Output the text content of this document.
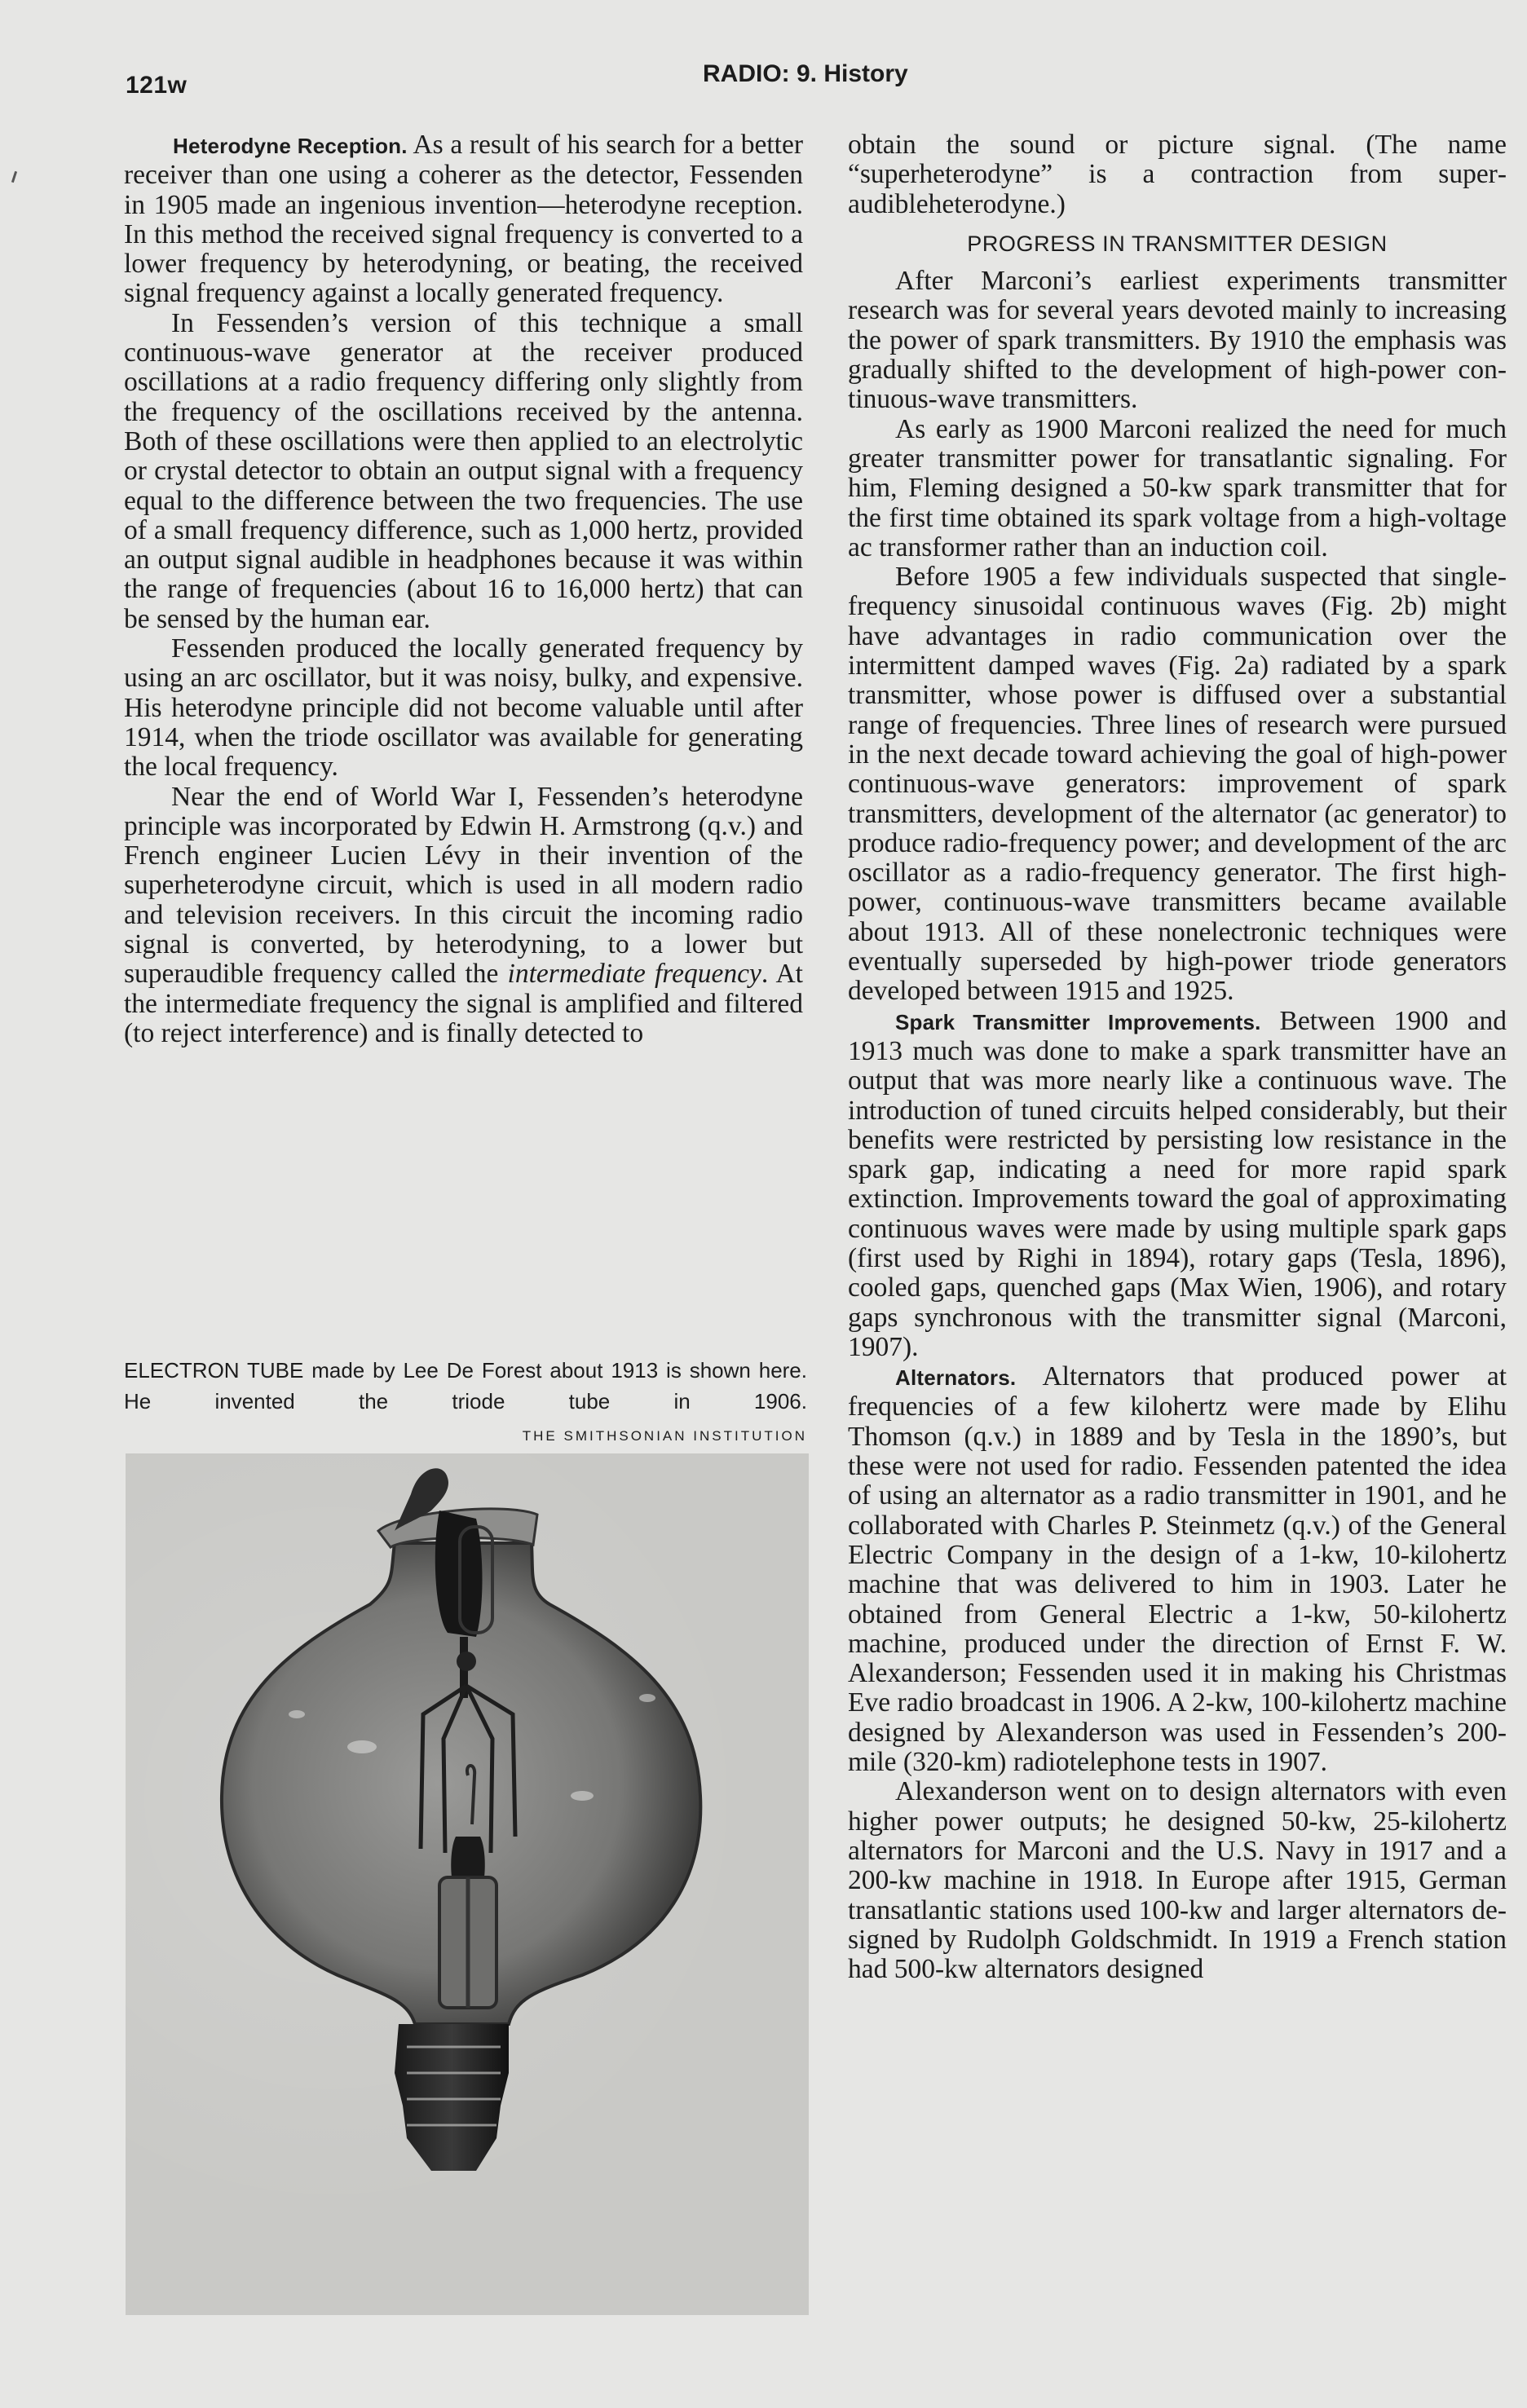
121w	RADIO: 9. History

Heterodyne Reception. As a result of his search for a better receiver than one using a coherer as the detector, Fessenden in 1905 made an ingenious invention—heterodyne reception. In this method the received signal frequency is converted to a lower frequency by heterodyning, or beating, the received signal frequency against a locally generated frequency.

In Fessenden’s version of this technique a small continuous-wave generator at the receiver produced oscillations at a radio frequency differing only slightly from the frequency of the oscillations received by the antenna. Both of these oscillations were then applied to an electrolytic or crystal detector to obtain an output signal with a frequency equal to the difference between the two frequencies. The use of a small frequency difference, such as 1,000 hertz, provided an output signal audible in headphones because it was within the range of frequencies (about 16 to 16,000 hertz) that can be sensed by the human ear.

Fessenden produced the locally generated frequency by using an arc oscillator, but it was noisy, bulky, and expensive. His heterodyne principle did not become valuable until after 1914, when the triode oscillator was available for generating the local frequency.

Near the end of World War I, Fessenden’s heterodyne principle was incorporated by Edwin H. Armstrong (q.v.) and French engineer Lucien Lévy in their invention of the superheterodyne circuit, which is used in all modern radio and television receivers. In this circuit the incoming radio signal is converted, by heterodyning, to a lower but superaudible frequency called the intermediate frequency. At the intermediate frequency the signal is amplified and filtered (to reject interference) and is finally detected to

ELECTRON TUBE made by Lee De Forest about 1913 is shown here. He invented the triode tube in 1906.
THE SMITHSONIAN INSTITUTION

obtain the sound or picture signal. (The name “superheterodyne” is a contraction from superaudibleheterodyne.)

PROGRESS IN TRANSMITTER DESIGN

After Marconi’s earliest experiments transmitter research was for several years devoted mainly to increasing the power of spark transmitters. By 1910 the emphasis was gradually shifted to the development of high-power continuous-wave transmitters.

As early as 1900 Marconi realized the need for much greater transmitter power for transatlantic signaling. For him, Fleming designed a 50-kw spark transmitter that for the first time obtained its spark voltage from a high-voltage ac transformer rather than an induction coil.

Before 1905 a few individuals suspected that single-frequency sinusoidal continuous waves (Fig. 2b) might have advantages in radio communication over the intermittent damped waves (Fig. 2a) radiated by a spark transmitter, whose power is diffused over a substantial range of frequencies. Three lines of research were pursued in the next decade toward achieving the goal of high-power continuous-wave generators: improvement of spark transmitters, development of the alternator (ac generator) to produce radio-frequency power; and development of the arc oscillator as a radio-frequency generator. The first high-power, continuous-wave transmitters became available about 1913. All of these nonelectronic techniques were eventually superseded by high-power triode generators developed between 1915 and 1925.

Spark Transmitter Improvements. Between 1900 and 1913 much was done to make a spark transmitter have an output that was more nearly like a continuous wave. The introduction of tuned circuits helped considerably, but their benefits were restricted by persisting low resistance in the spark gap, indicating a need for more rapid spark extinction. Improvements toward the goal of approximating continuous waves were made by using multiple spark gaps (first used by Righi in 1894), rotary gaps (Tesla, 1896), cooled gaps, quenched gaps (Max Wien, 1906), and rotary gaps synchronous with the transmitter signal (Marconi, 1907).

Alternators. Alternators that produced power at frequencies of a few kilohertz were made by Elihu Thomson (q.v.) in 1889 and by Tesla in the 1890’s, but these were not used for radio. Fessenden patented the idea of using an alternator as a radio transmitter in 1901, and he collaborated with Charles P. Steinmetz (q.v.) of the General Electric Company in the design of a 1-kw, 10-kilohertz machine that was delivered to him in 1903. Later he obtained from General Electric a 1-kw, 50-kilohertz machine, produced under the direction of Ernst F. W. Alexanderson; Fessenden used it in making his Christmas Eve radio broadcast in 1906. A 2-kw, 100-kilohertz machine designed by Alexanderson was used in Fessenden’s 200-mile (320-km) radiotelephone tests in 1907.

Alexanderson went on to design alternators with even higher power outputs; he designed 50-kw, 25-kilohertz alternators for Marconi and the U.S. Navy in 1917 and a 200-kw machine in 1918. In Europe after 1915, German transatlantic stations used 100-kw and larger alternators designed by Rudolph Goldschmidt. In 1919 a French station had 500-kw alternators designed
